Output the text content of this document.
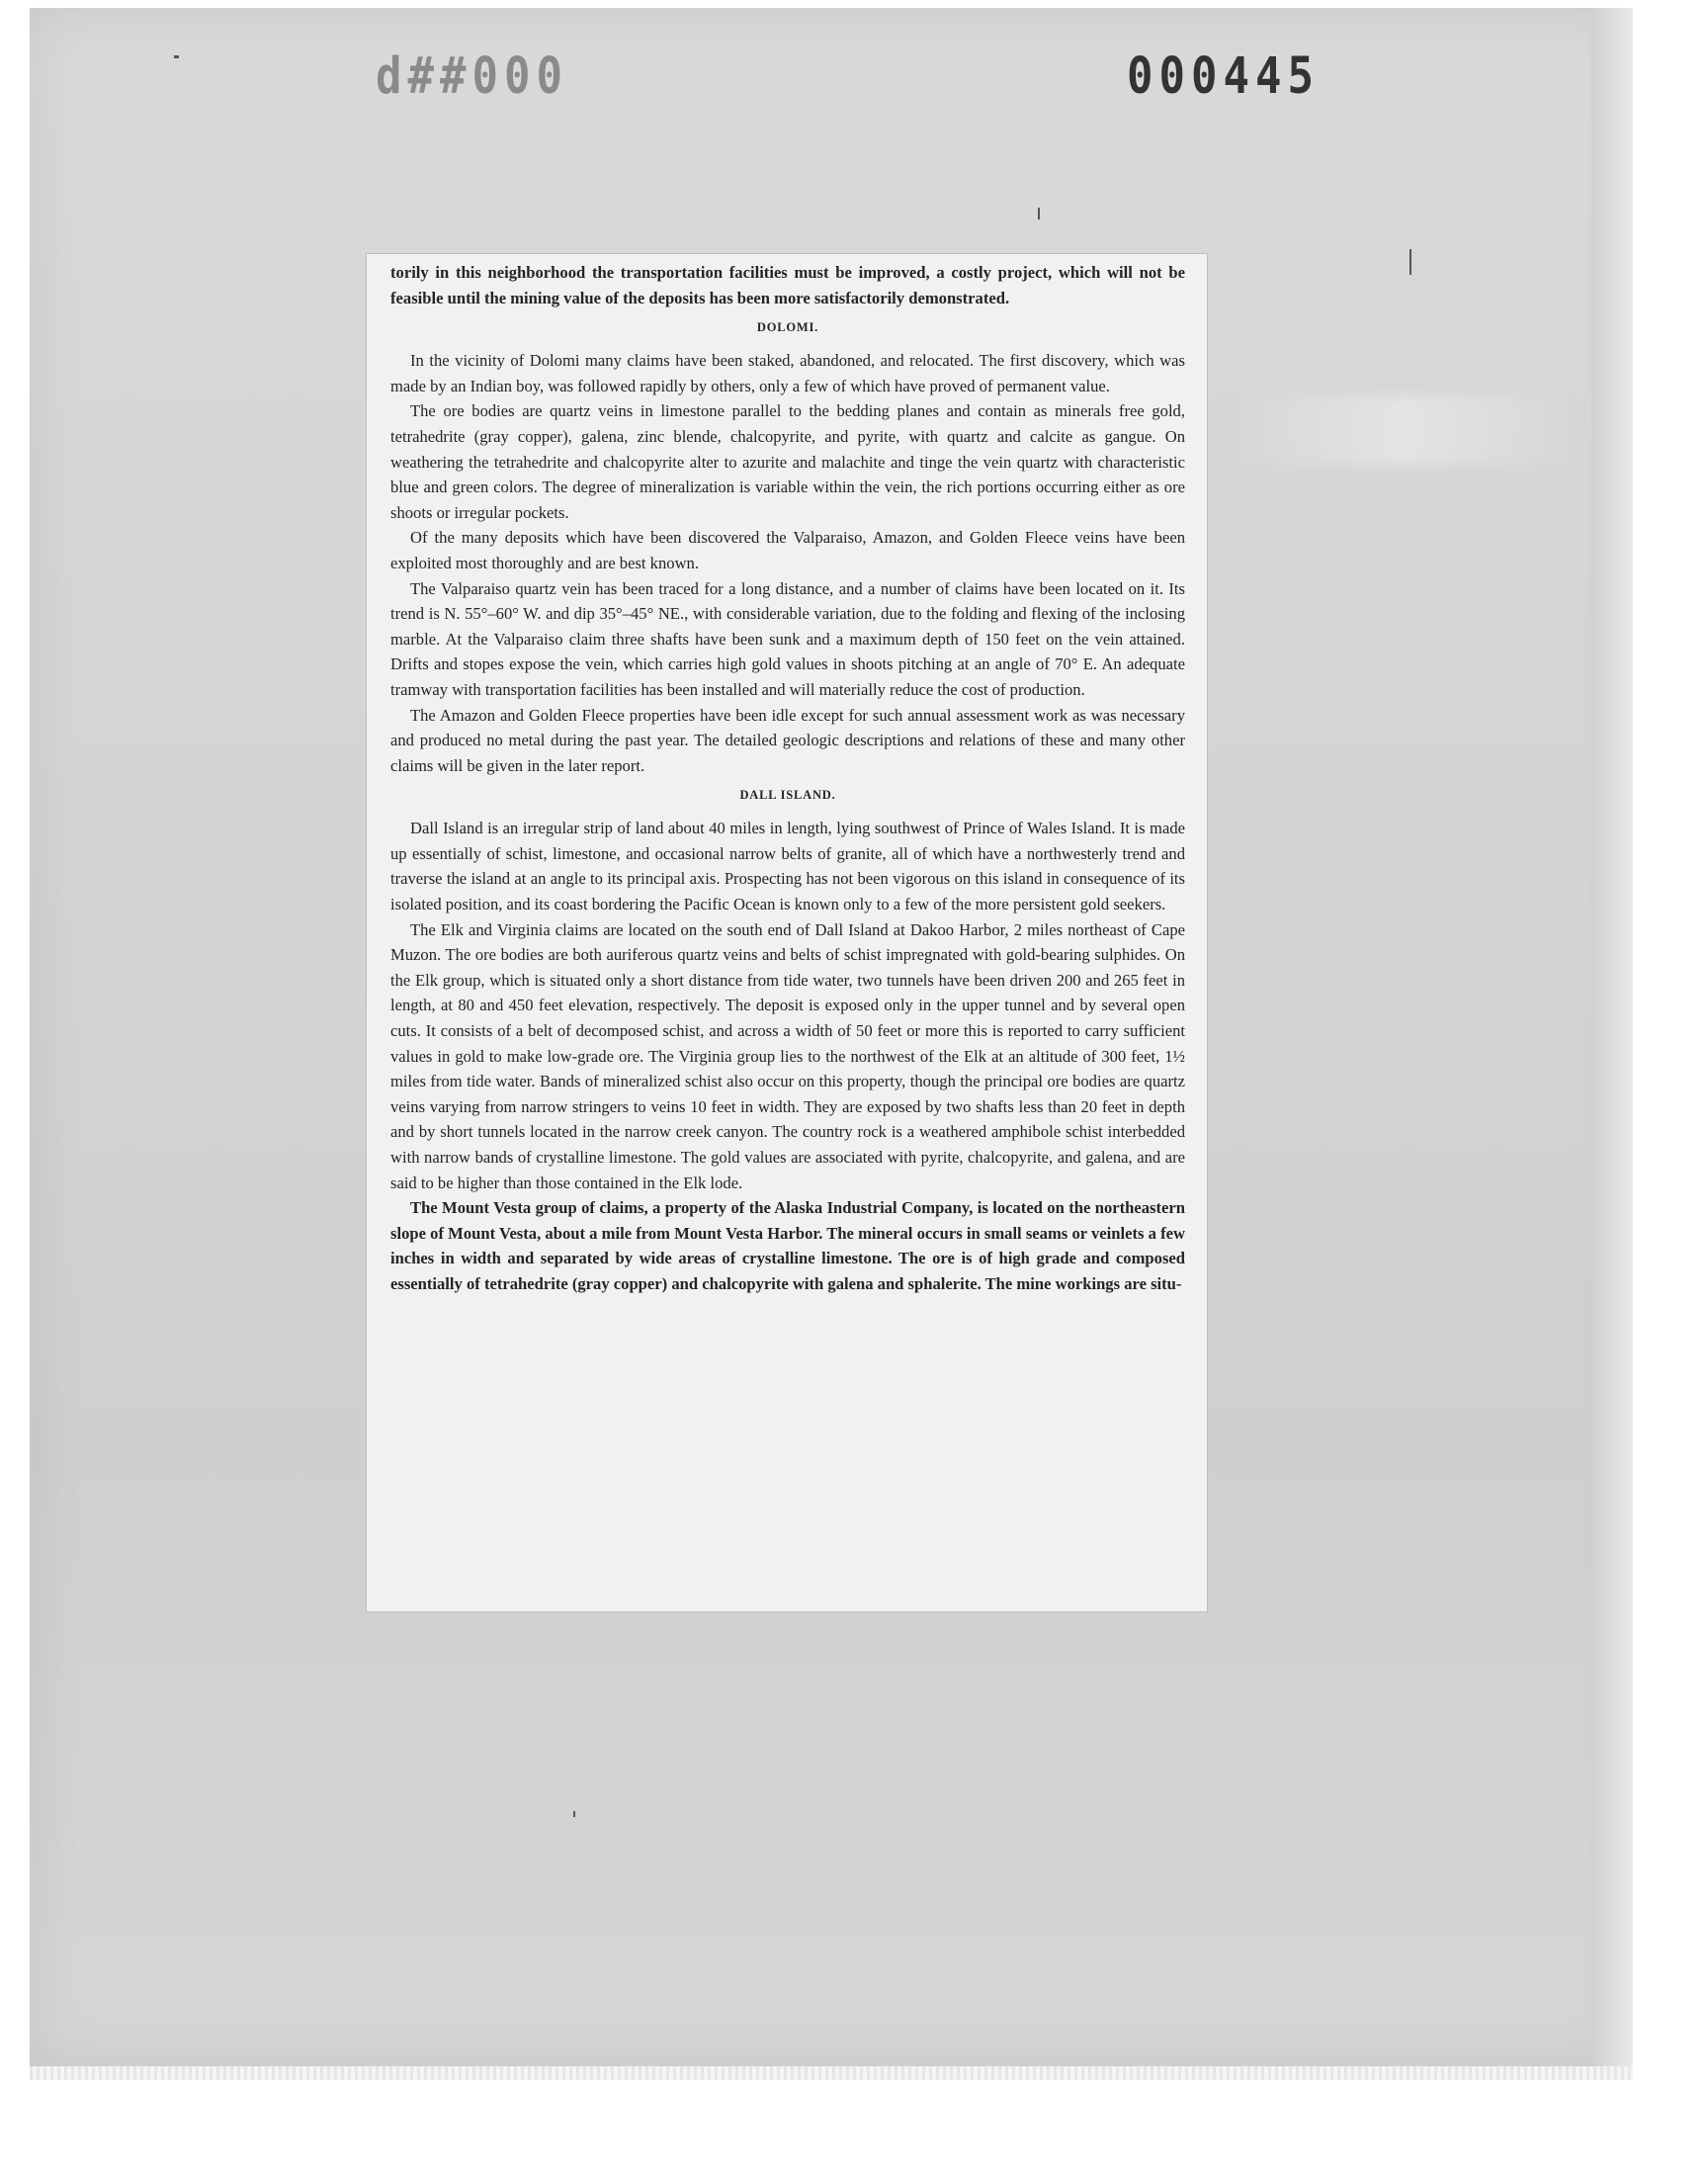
d##000	000445

torily in this neighborhood the transportation facilities must be improved, a costly project, which will not be feasible until the mining value of the deposits has been more satisfactorily demonstrated.

DOLOMI.

In the vicinity of Dolomi many claims have been staked, abandoned, and relocated. The first discovery, which was made by an Indian boy, was followed rapidly by others, only a few of which have proved of permanent value.

The ore bodies are quartz veins in limestone parallel to the bedding planes and contain as minerals free gold, tetrahedrite (gray copper), galena, zinc blende, chalcopyrite, and pyrite, with quartz and calcite as gangue. On weathering the tetrahedrite and chalcopyrite alter to azurite and malachite and tinge the vein quartz with characteristic blue and green colors. The degree of mineralization is variable within the vein, the rich portions occurring either as ore shoots or irregular pockets.

Of the many deposits which have been discovered the Valparaiso, Amazon, and Golden Fleece veins have been exploited most thoroughly and are best known.

The Valparaiso quartz vein has been traced for a long distance, and a number of claims have been located on it. Its trend is N. 55°–60° W. and dip 35°–45° NE., with considerable variation, due to the folding and flexing of the inclosing marble. At the Valparaiso claim three shafts have been sunk and a maximum depth of 150 feet on the vein attained. Drifts and stopes expose the vein, which carries high gold values in shoots pitching at an angle of 70° E. An adequate tramway with transportation facilities has been installed and will materially reduce the cost of production.

The Amazon and Golden Fleece properties have been idle except for such annual assessment work as was necessary and produced no metal during the past year. The detailed geologic descriptions and relations of these and many other claims will be given in the later report.

DALL ISLAND.

Dall Island is an irregular strip of land about 40 miles in length, lying southwest of Prince of Wales Island. It is made up essentially of schist, limestone, and occasional narrow belts of granite, all of which have a northwesterly trend and traverse the island at an angle to its principal axis. Prospecting has not been vigorous on this island in consequence of its isolated position, and its coast bordering the Pacific Ocean is known only to a few of the more persistent gold seekers.

The Elk and Virginia claims are located on the south end of Dall Island at Dakoo Harbor, 2 miles northeast of Cape Muzon. The ore bodies are both auriferous quartz veins and belts of schist impregnated with gold-bearing sulphides. On the Elk group, which is situated only a short distance from tide water, two tunnels have been driven 200 and 265 feet in length, at 80 and 450 feet elevation, respectively. The deposit is exposed only in the upper tunnel and by several open cuts. It consists of a belt of decomposed schist, and across a width of 50 feet or more this is reported to carry sufficient values in gold to make low-grade ore. The Virginia group lies to the northwest of the Elk at an altitude of 300 feet, 1½ miles from tide water. Bands of mineralized schist also occur on this property, though the principal ore bodies are quartz veins varying from narrow stringers to veins 10 feet in width. They are exposed by two shafts less than 20 feet in depth and by short tunnels located in the narrow creek canyon. The country rock is a weathered amphibole schist interbedded with narrow bands of crystalline limestone. The gold values are associated with pyrite, chalcopyrite, and galena, and are said to be higher than those contained in the Elk lode.

The Mount Vesta group of claims, a property of the Alaska Industrial Company, is located on the northeastern slope of Mount Vesta, about a mile from Mount Vesta Harbor. The mineral occurs in small seams or veinlets a few inches in width and separated by wide areas of crystalline limestone. The ore is of high grade and composed essentially of tetrahedrite (gray copper) and chalcopyrite with galena and sphalerite. The mine workings are situ-
